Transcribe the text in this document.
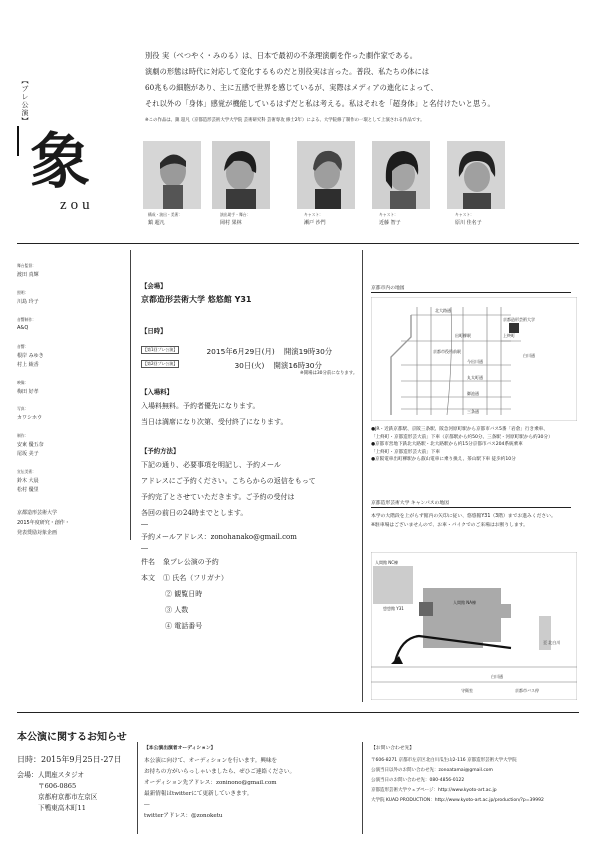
【ブレ公演】
象
zou

別役 実（べつやく・みのる）は、日本で最初の不条理演劇を作った劇作家である。

演劇の形態は時代に対応して変化するものだと別役実は言った。普段、私たちの体には

60兆もの細胞があり、主に五感で世界を感じているが、実際はメディアの進化によって、

それ以外の「身体」感覚が機能しているはずだと私は考える。私はそれを「超身体」と名付けたいと思う。

※この作品は、鎮 超凡（京都造形芸術大学大学院 芸術研究科 芸術専攻 修士2年）による、大学院修了制作の一環として上演される作品です。
構成・演出・美術：
鎮 超凡
演出助手・舞台：
岡村 果林
キャスト：
瀬戸 沙門
キャスト：
近藤 智子
キャスト：
原川 佳名子
舞台監督：
渡田 真輝
照明：
川島 玲子
音響制作：
A&Q
音響：
根岸 みゆき
村上 綾香
映像：
梅田 好孝
写真：
カワシホウ
制作：
安東 優五奈
尾坂 美子
宣伝美術：
鈴木 大晨
松村 優里
京都造形芸術大学
2015年度研究・創作・
発表奨励対象企画
【会場】
京都造形芸術大学 悠悠館 Y31
【日時】
【第1回プレ公演】	2015年6月29日(月) 開演19時30分
【第2回プレ公演】	30日(火) 開演16時30分
※開場は30分前になります。
【入場料】
入場料無料。予約者優先になります。
当日は満席になり次第、受付終了になります。
【予約方法】
下記の通り、必要事項を明記し、予約メール
アドレスにご予約ください。こちらからの返信をもって
予約完了とさせていただきます。ご予約の受付は
各回の前日の24時までとします。
―
予約メールアドレス：zonohanako@gmail.com
―
件名 象プレ公演の予約
本文 ① 氏名（フリガナ）
② 観覧日時
③ 人数
④ 電話番号
京都市内の地図
北大路通
今出川通
丸太町通
御池通
三条通
白川通
京都造形芸術大学
上終町
出町柳駅
京都市役所前駅
●JR・近鉄京都駅、京阪三条駅、阪急河原町駅から京都市バス5番「岩倉」行き乗車、
「上終町・京都造形芸大前」下車（京都駅から約50分、三条駅・河原町駅から約30分）
●京都市営地下鉄北大路駅・北大路駅から約15分京都市バス204系統乗車
「上終町・京都造形芸大前」下車
●京阪電車出町柳駅から叡山電車に乗り換え、茶山駅下車 徒歩約10分
京都造形芸術大学 キャンパスの地図
本学の大階段を上がらず館内の矢印に従い、悠悠館Y31（3階）までお進みください。
※駐車場はございませんので、お車・バイクでのご来場はお断りします。
人間館 NC棟
人間館 NA棟
悠悠館 Y31
白川通
至 北白川
京都市バス停
守衛室
本公演に関するお知らせ
日時：2015年9月25日-27日
会場： 人間座スタジオ
〒606-0865
京都府京都市左京区
下鴨東高木町11
【本公演出演者オーディション】
本公演に向けて、オーディションを行います。興味を
お持ちの方がいらっしゃいましたら、ぜひご連絡ください。
オーディション先アドレス：zoninono@gmail.com
最新情報はtwitterにて更新していきます。
―
twitterアドレス：@zonoketu
【お問い合わせ先】
〒606-8271 京都市左京区北白川瓜生山2-116 京都造形芸術大学大学院
公演当日以外のお問い合わせ先：zonoatamai@gmail.com
公演当日のお問い合わせ先：080-4856-0122
京都造形芸術大学ウェブページ：http://www.kyoto-art.ac.jp
大学院 KUAD PRODUCTION：http://www.kyoto-art.ac.jp/production/?p=39992
